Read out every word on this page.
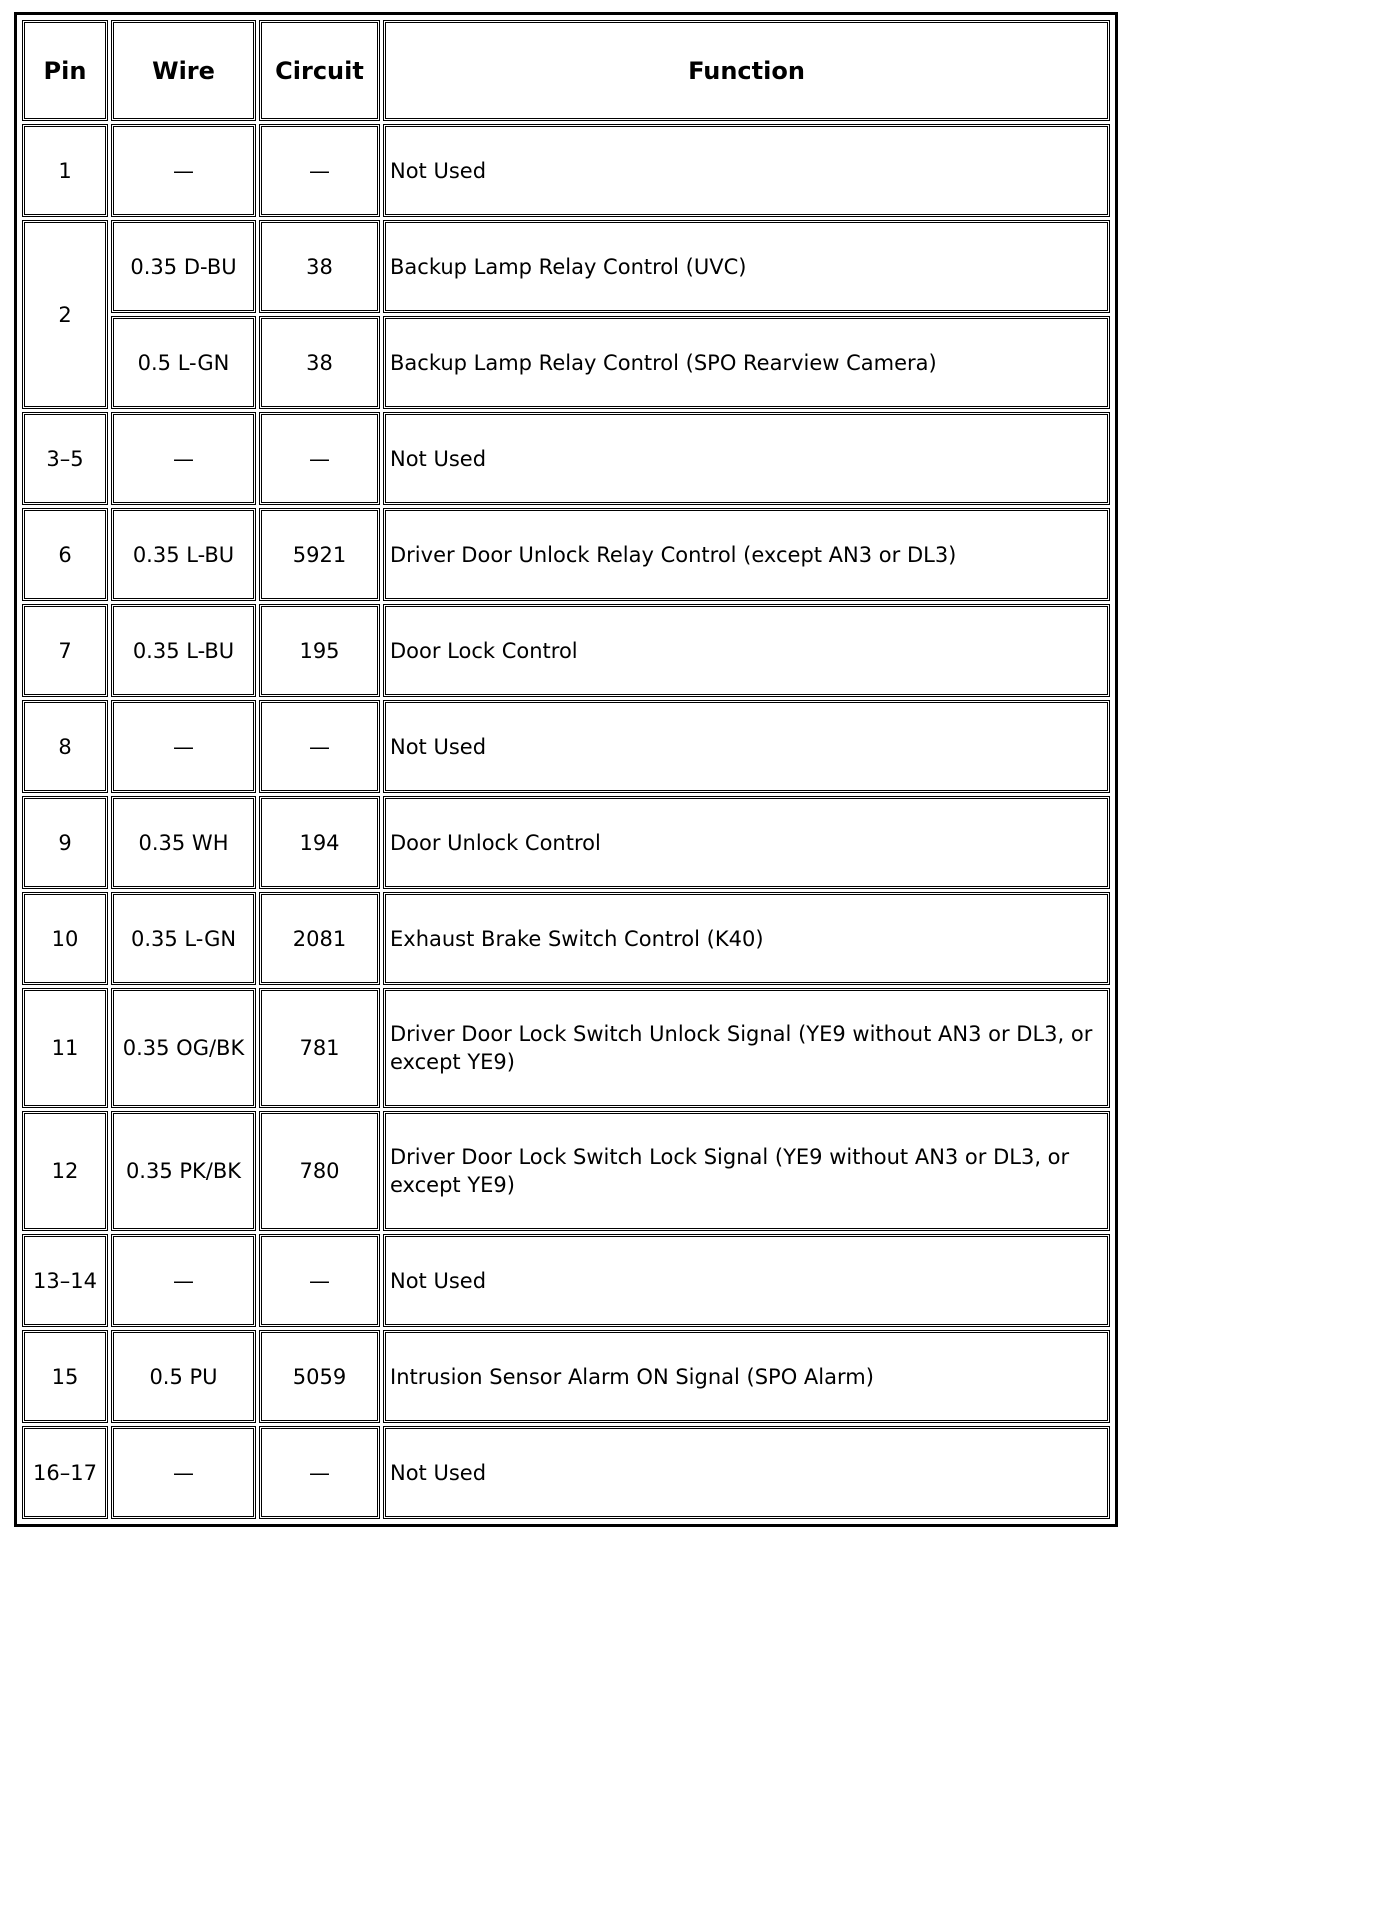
Pin	Wire	Circuit	Function
1	—	—	Not Used
2	0.35 D-BU	38	Backup Lamp Relay Control (UVC)
	0.5 L-GN	38	Backup Lamp Relay Control (SPO Rearview Camera)
3–5	—	—	Not Used
6	0.35 L-BU	5921	Driver Door Unlock Relay Control (except AN3 or DL3)
7	0.35 L-BU	195	Door Lock Control
8	—	—	Not Used
9	0.35 WH	194	Door Unlock Control
10	0.35 L-GN	2081	Exhaust Brake Switch Control (K40)
11	0.35 OG/BK	781	Driver Door Lock Switch Unlock Signal (YE9 without AN3 or DL3, or except YE9)
12	0.35 PK/BK	780	Driver Door Lock Switch Lock Signal (YE9 without AN3 or DL3, or except YE9)
13–14	—	—	Not Used
15	0.5 PU	5059	Intrusion Sensor Alarm ON Signal (SPO Alarm)
16–17	—	—	Not Used
